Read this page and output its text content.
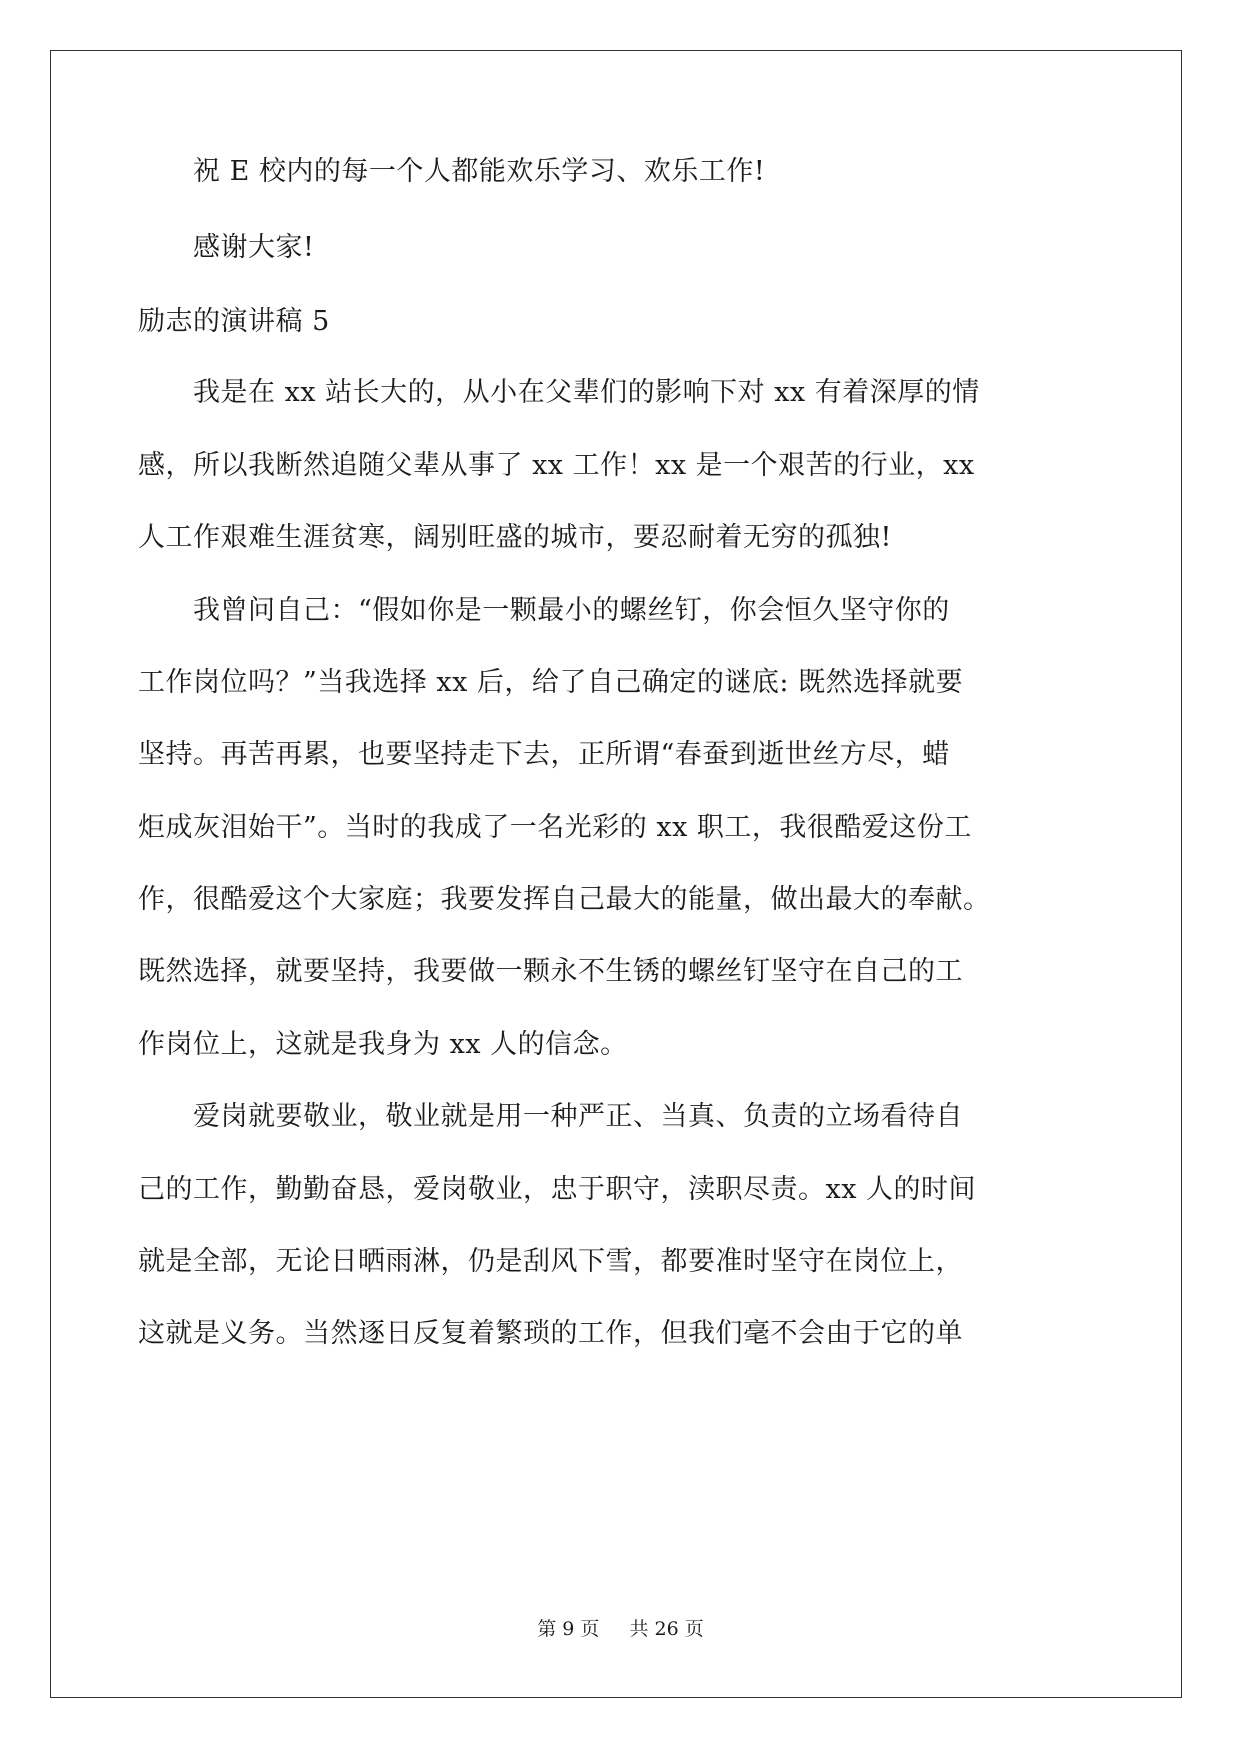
祝 E 校内的每一个人都能欢乐学习、欢乐工作!
感谢大家!
励志的演讲稿 5
我是在 xx 站长大的，从小在父辈们的影响下对 xx 有着深厚的情
感，所以我断然追随父辈从事了 xx 工作！xx 是一个艰苦的行业，xx
人工作艰难生涯贫寒，阔别旺盛的城市，要忍耐着无穷的孤独!
我曾问自己：“假如你是一颗最小的螺丝钉，你会恒久坚守你的
工作岗位吗？”当我选择 xx 后，给了自己确定的谜底: 既然选择就要
坚持。再苦再累，也要坚持走下去，正所谓“春蚕到逝世丝方尽，蜡
炬成灰泪始干”。当时的我成了一名光彩的 xx 职工，我很酷爱这份工
作，很酷爱这个大家庭；我要发挥自己最大的能量，做出最大的奉献。
既然选择，就要坚持，我要做一颗永不生锈的螺丝钉坚守在自己的工
作岗位上，这就是我身为 xx 人的信念。
爱岗就要敬业，敬业就是用一种严正、当真、负责的立场看待自
己的工作，勤勤奋恳，爱岗敬业，忠于职守，渎职尽责。xx 人的时间
就是全部，无论日晒雨淋，仍是刮风下雪，都要准时坚守在岗位上，
这就是义务。当然逐日反复着繁琐的工作，但我们毫不会由于它的单
第 9 页 共 26 页
